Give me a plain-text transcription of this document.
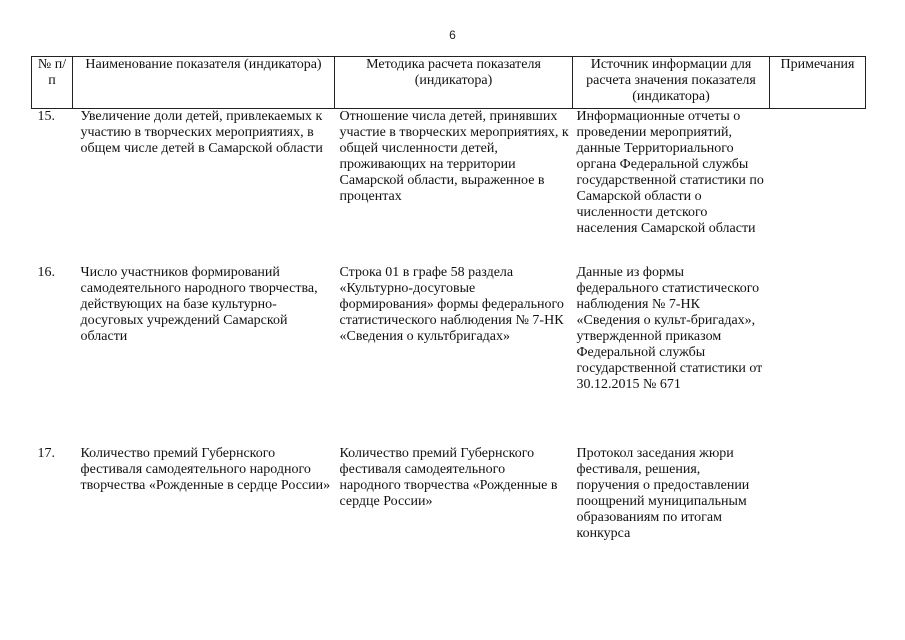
6
№ п/п	Наименование показателя (индикатора)	Методика расчета показателя (индикатора)	Источник информации для расчета значения показателя (индикатора)	Примечания
15.	Увеличение доли детей, привлекаемых к участию в творческих мероприятиях, в общем числе детей в Самарской области	Отношение числа детей, принявших участие в творческих мероприятиях, к общей численности детей, проживающих на территории Самарской области, выраженное в процентах	Информационные отчеты о проведении мероприятий, данные Территориального органа Федеральной службы государственной статистики по Самарской области о численности детского населения Самарской области	
16.	Число участников формирований самодеятельного народного творчества, действующих на базе культурно-досуговых учреждений Самарской области	Строка 01 в графе 58 раздела «Культурно-досуговые формирования» формы федерального статистического наблюдения № 7-НК «Сведения о культбригадах»	Данные из формы федерального статистического наблюдения № 7-НК «Сведения о культ-бригадах», утвержденной приказом Федеральной службы государственной статистики от 30.12.2015 № 671	
17.	Количество премий Губернского фестиваля самодеятельного народного творчества «Рожденные в сердце России»	Количество премий Губернского фестиваля самодеятельного народного творчества «Рожденные в сердце России»	Протокол заседания жюри фестиваля, решения, поручения о предоставлении поощрений муниципальным образованиям по итогам конкурса	
